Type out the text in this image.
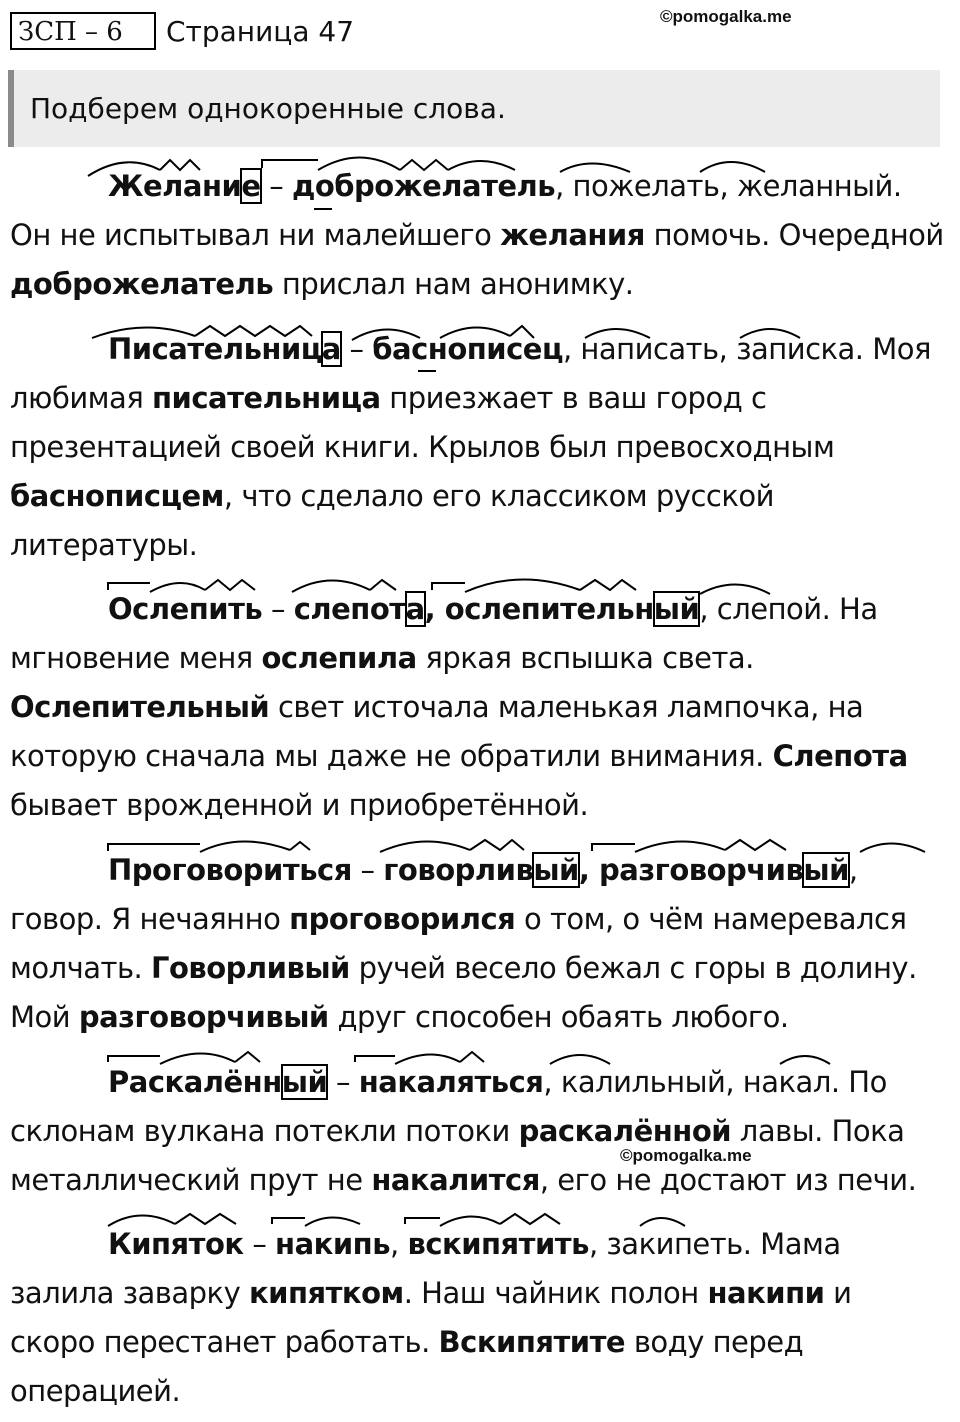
ЗСП – 6	Страница 47	©pomogalka.me
Подберем однокоренные слова.

Желание – доброжелатель, пожелать, желанный. Он не испытывал ни малейшего желания помочь. Очередной доброжелатель прислал нам анонимку.

Писательница – баснописец, написать, записка. Моя любимая писательница приезжает в ваш город с презентацией своей книги. Крылов был превосходным баснописцем, что сделало его классиком русской литературы.

Ослепить – слепота, ослепительный, слепой. На мгновение меня ослепила яркая вспышка света. Ослепительный свет источала маленькая лампочка, на которую сначала мы даже не обратили внимания. Слепота бывает врожденной и приобретённой.

Проговориться – говорливый, разговорчивый, говор. Я нечаянно проговорился о том, о чём намеревался молчать. Говорливый ручей весело бежал с горы в долину. Мой разговорчивый друг способен обаять любого.

Раскалённый – накаляться, калильный, накал. По склонам вулкана потекли потоки раскалённой лавы. Пока металлический прут не накалится, его не достают из печи.

Кипяток – накипь, вскипятить, закипеть. Мама залила заварку кипятком. Наш чайник полон накипи и скоро перестанет работать. Вскипятите воду перед операцией.

©pomogalka.me
